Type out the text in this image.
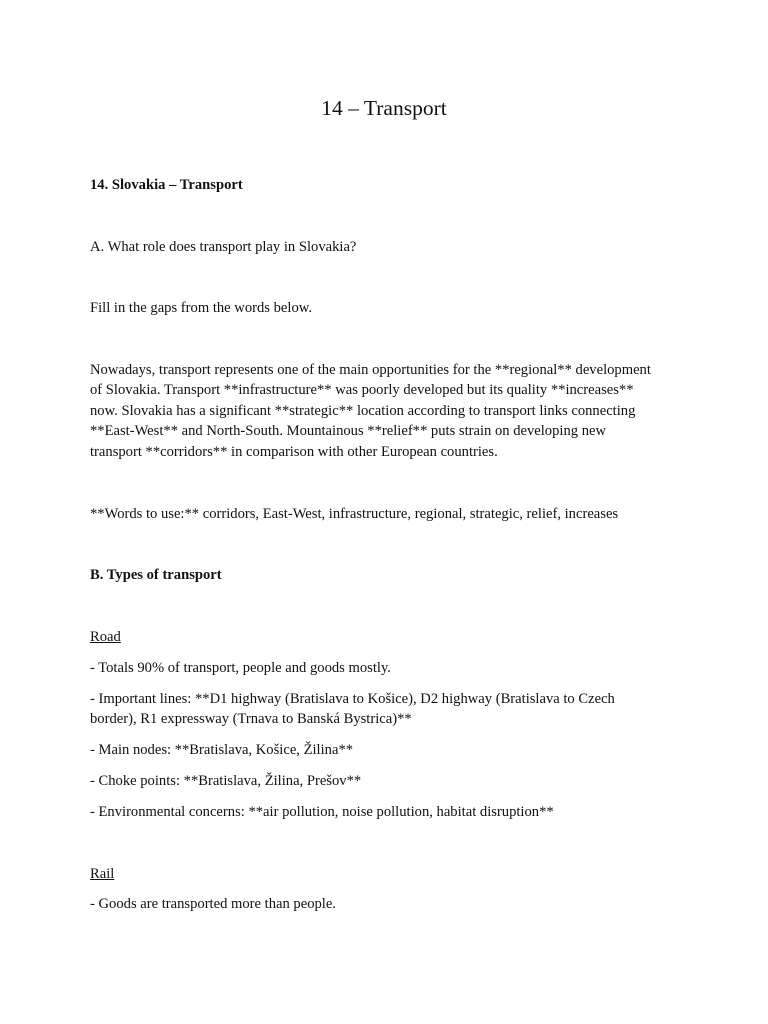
14 – Transport

14. Slovakia – Transport

A. What role does transport play in Slovakia?

Fill in the gaps from the words below.

Nowadays, transport represents one of the main opportunities for the **regional** development

of Slovakia. Transport **infrastructure** was poorly developed but its quality **increases**

now. Slovakia has a significant **strategic** location according to transport links connecting

**East-West** and North-South. Mountainous **relief** puts strain on developing new

transport **corridors** in comparison with other European countries.

**Words to use:** corridors, East-West, infrastructure, regional, strategic, relief, increases

B. Types of transport

Road

- Totals 90% of transport, people and goods mostly.

- Important lines: **D1 highway (Bratislava to Košice), D2 highway (Bratislava to Czech

border), R1 expressway (Trnava to Banská Bystrica)**

- Main nodes: **Bratislava, Košice, Žilina**

- Choke points: **Bratislava, Žilina, Prešov**

- Environmental concerns: **air pollution, noise pollution, habitat disruption**

Rail

- Goods are transported more than people.
